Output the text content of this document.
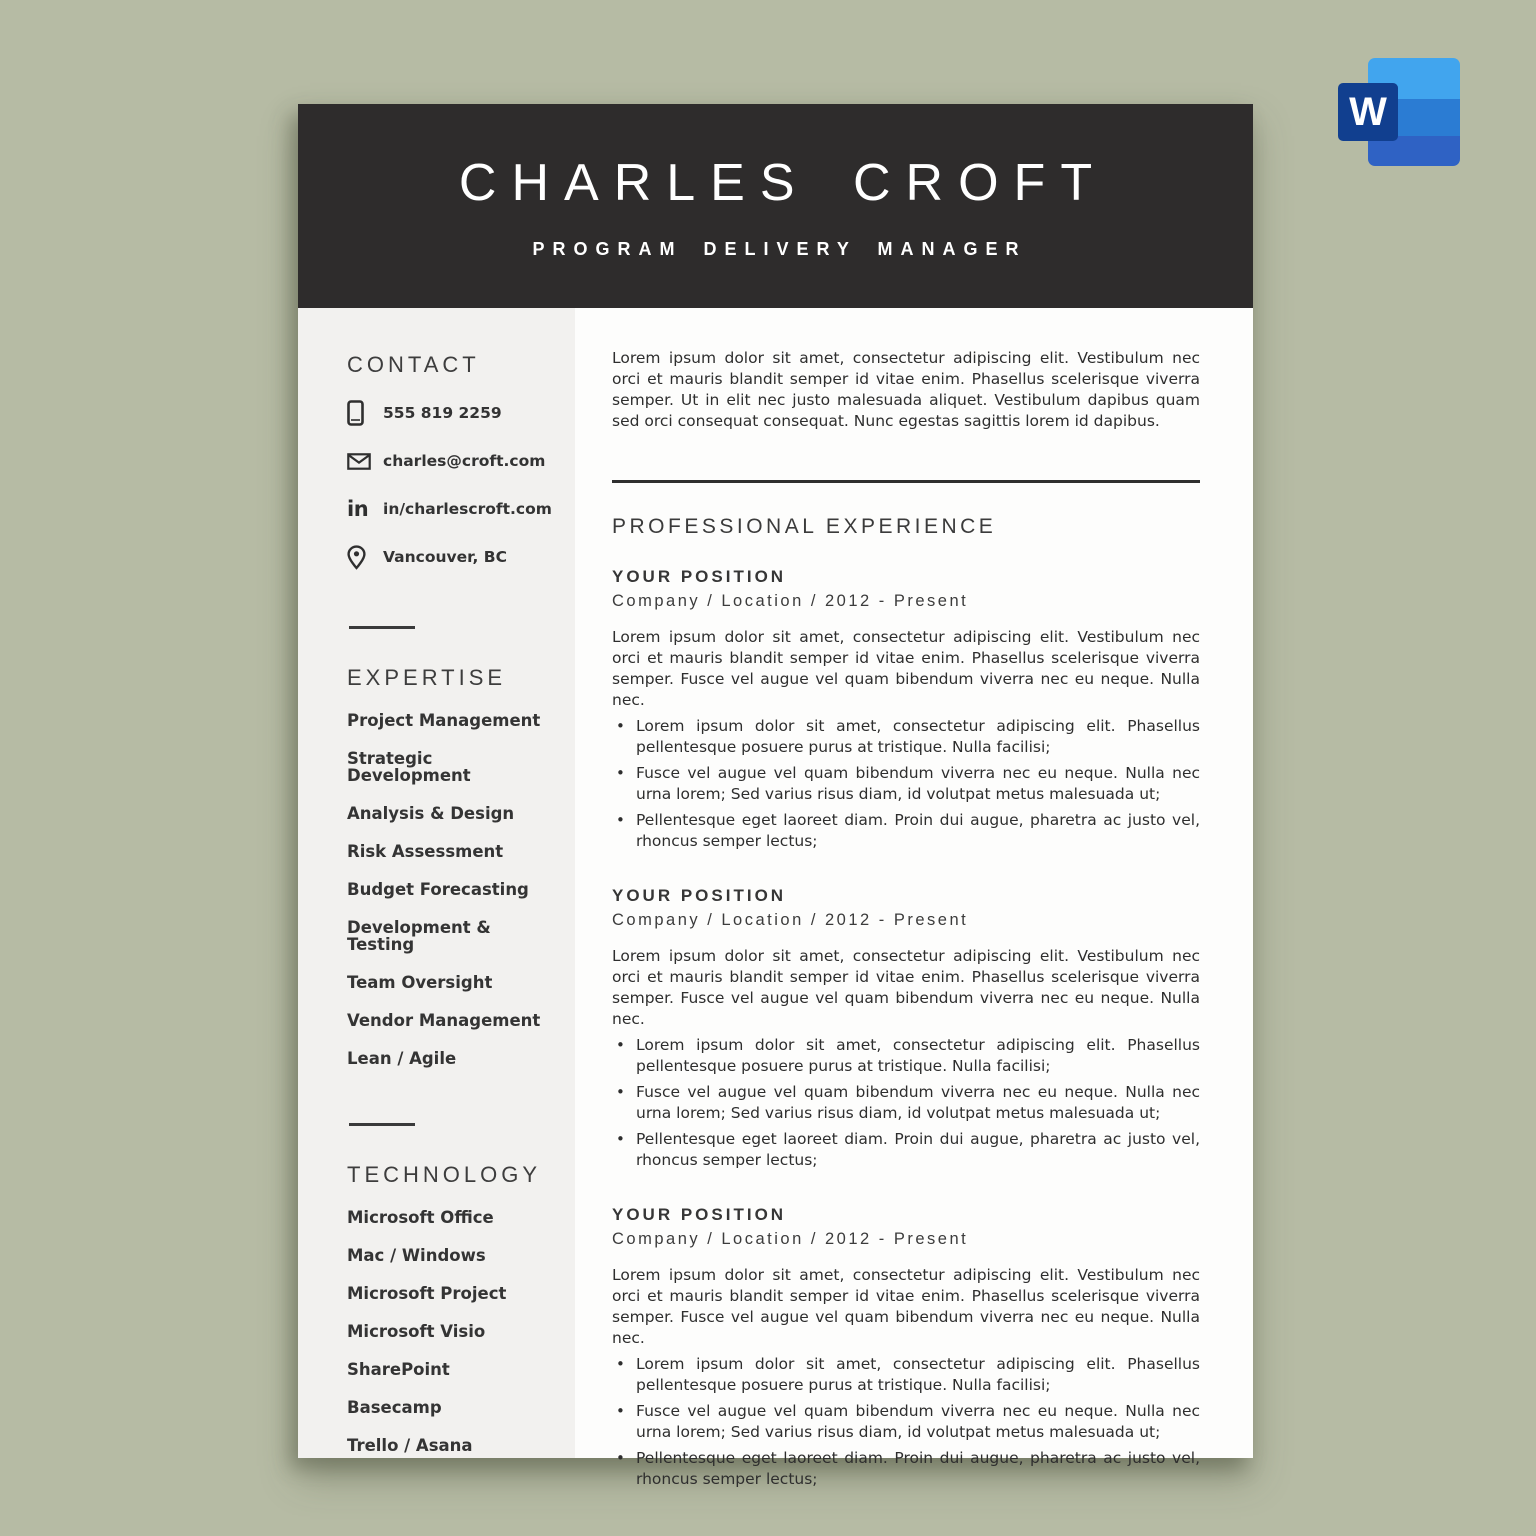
W
CHARLES CROFT
PROGRAM DELIVERY MANAGER
CONTACT
555 819 2259
charles@croft.com
in in/charlescroft.com
Vancouver, BC
EXPERTISE
Project Management
Strategic Development
Analysis & Design
Risk Assessment
Budget Forecasting
Development & Testing
Team Oversight
Vendor Management
Lean / Agile
TECHNOLOGY
Microsoft Office
Mac / Windows
Microsoft Project
Microsoft Visio
SharePoint
Basecamp
Trello / Asana

Lorem ipsum dolor sit amet, consectetur adipiscing elit. Vestibulum nec orci et mauris blandit semper id vitae enim. Phasellus scelerisque viverra semper. Ut in elit nec justo malesuada aliquet. Vestibulum dapibus quam sed orci consequat consequat. Nunc egestas sagittis lorem id dapibus.

PROFESSIONAL EXPERIENCE
YOUR POSITION
Company / Location / 2012 - Present

Lorem ipsum dolor sit amet, consectetur adipiscing elit. Vestibulum nec orci et mauris blandit semper id vitae enim. Phasellus scelerisque viverra semper. Fusce vel augue vel quam bibendum viverra nec eu neque. Nulla nec.

• Lorem ipsum dolor sit amet, consectetur adipiscing elit. Phasellus pellentesque posuere purus at tristique. Nulla facilisi;
• Fusce vel augue vel quam bibendum viverra nec eu neque. Nulla nec urna lorem; Sed varius risus diam, id volutpat metus malesuada ut;
• Pellentesque eget laoreet diam. Proin dui augue, pharetra ac justo vel, rhoncus semper lectus;
YOUR POSITION
Company / Location / 2012 - Present

Lorem ipsum dolor sit amet, consectetur adipiscing elit. Vestibulum nec orci et mauris blandit semper id vitae enim. Phasellus scelerisque viverra semper. Fusce vel augue vel quam bibendum viverra nec eu neque. Nulla nec.

• Lorem ipsum dolor sit amet, consectetur adipiscing elit. Phasellus pellentesque posuere purus at tristique. Nulla facilisi;
• Fusce vel augue vel quam bibendum viverra nec eu neque. Nulla nec urna lorem; Sed varius risus diam, id volutpat metus malesuada ut;
• Pellentesque eget laoreet diam. Proin dui augue, pharetra ac justo vel, rhoncus semper lectus;
YOUR POSITION
Company / Location / 2012 - Present

Lorem ipsum dolor sit amet, consectetur adipiscing elit. Vestibulum nec orci et mauris blandit semper id vitae enim. Phasellus scelerisque viverra semper. Fusce vel augue vel quam bibendum viverra nec eu neque. Nulla nec.

• Lorem ipsum dolor sit amet, consectetur adipiscing elit. Phasellus pellentesque posuere purus at tristique. Nulla facilisi;
• Fusce vel augue vel quam bibendum viverra nec eu neque. Nulla nec urna lorem; Sed varius risus diam, id volutpat metus malesuada ut;
• Pellentesque eget laoreet diam. Proin dui augue, pharetra ac justo vel, rhoncus semper lectus;
